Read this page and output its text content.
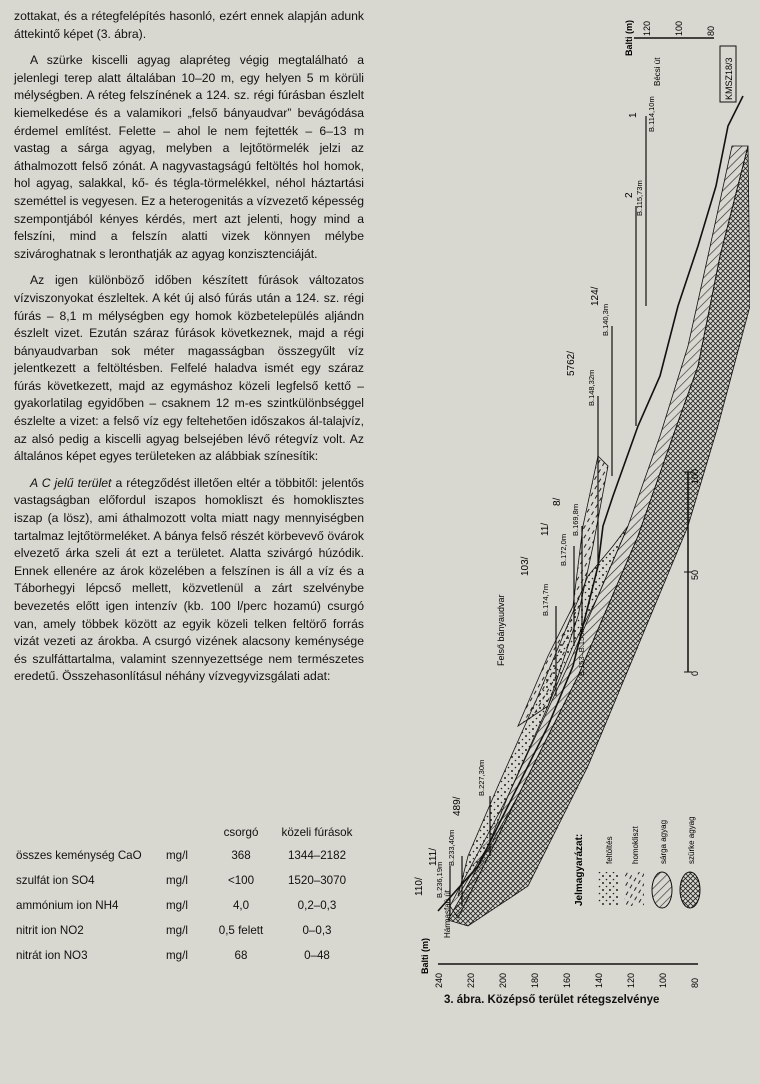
zottakat, és a rétegfelépítés hasonló, ezért ennek alapján adunk áttekintő képet (3. ábra).

A szürke kiscelli agyag alapréteg végig megtalálható a jelenlegi terep alatt általában 10–20 m, egy helyen 5 m körüli mélységben. A réteg felszínének a 124. sz. régi fúrásban észlelt kiemelkedése és a valamikori „felső bányaudvar” bevágódása érdemel említést. Felette – ahol le nem fejtették – 6–13 m vastag a sárga agyag, melyben a lejtőtörmelék jelzi az áthalmozott felső zónát. A nagyvastagságú feltöltés hol homok, hol agyag, salakkal, kő- és tégla-törmelékkel, néhol háztartási szeméttel is vegyesen. Ez a heterogenitás a vízvezető képesség szempontjából kényes kérdés, mert azt jelenti, hogy mind a felszíni, mind a felszín alatti vizek könnyen mélybe szivároghatnak s leronthatják az agyag konzisztenciáját.

Az igen különböző időben készített fúrások változatos vízviszonyokat észleltek. A két új alsó fúrás után a 124. sz. régi fúrás – 8,1 m mélységben egy homok közbetelepülés aljándn észlelt vizet. Ezután száraz fúrások következnek, majd a régi bányaudvarban sok méter magasságban összegyűlt víz jelentkezett a feltöltésben. Felfelé haladva ismét egy száraz fúrás következett, majd az egymáshoz közeli legfelső kettő – gyakorlatilag egyidőben – csaknem 12 m-es szintkülönbséggel észlelte a vizet: a felső víz egy feltehetően időszakos ál-talajvíz, az alsó pedig a kiscelli agyag belsejében lévő rétegvíz volt. Az általános képet egyes területeken az alábbiak színesítik:

A C jelű terület a rétegződést illetően eltér a többitől: jelentős vastagságban előfordul iszapos homokliszt és homoklisztes iszap (a lösz), ami áthalmozott volta miatt nagy mennyiségben tartalmaz lejtőtörmeléket. A bánya felső részét körbevevő övárok elvezető árka szeli át ezt a területet. Alatta szivárgó húzódik. Ennek ellenére az árok közelében a felszínen is áll a víz és a Táborhegyi lépcső mellett, közvetlenül a zárt szelvénybe bevezetés előtt igen intenzív (kb. 100 l/perc hozamú) csurgó van, amely többek között az egyik közeli telken feltörő forrás vizát vezeti az árokba. A csurgó vizének alacsony keménysége és szulfáttartalma, valamint szennyezettsége nem természetes eredetű. Összehasonlításul néhány vízvegyvizsgálati adat:

		csorgó	közeli fúrások

összes keménység CaO	mg/l	368	1344–2182

szulfát ion SO4	mg/l	<100	1520–3070

ammónium ion NH4	mg/l	4,0	0,2–0,3

nitrit ion NO2	mg/l	0,5 felett	0–0,3

nitrát ion NO3	mg/l	68	0–48	Balti (m)
240 220 200 180 160 140 120 100 80
Balti (m) 120 100 80
KMSZ18/3
0
50
100
Felső bányaudvar
Hármasfaú út
Bécsi út
110/
111/
489/
103/
11/
8/
5762/
124/
2
1
B.236,19m
B.233,40m
B.227,30m
B.174,7m
B.172,0m
B.169,8m
B.148,32m
B.140,3m
B.115,73m
B.114,10m
B.153–B.156m
Jelmagyarázat:	feltöltés homokliszt sárga agyag szürke agyag
3. ábra. Középső terület rétegszelvénye
